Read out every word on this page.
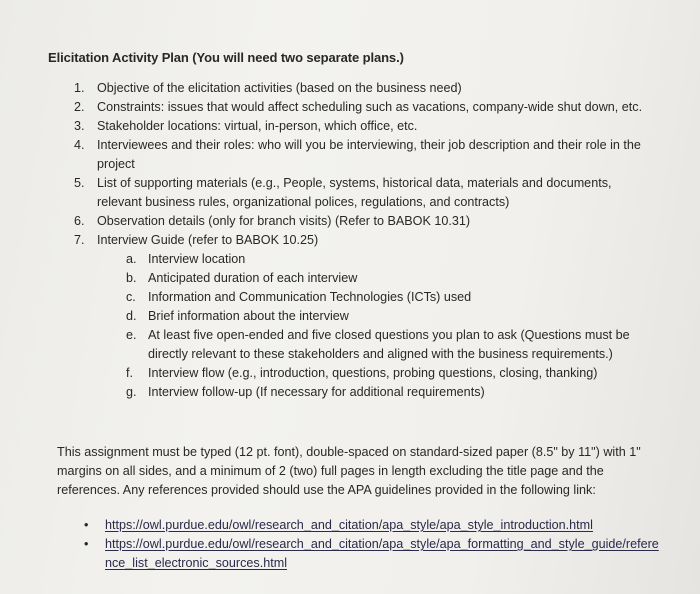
Elicitation Activity Plan (You will need two separate plans.)
1. Objective of the elicitation activities (based on the business need)
2. Constraints: issues that would affect scheduling such as vacations, company-wide shut down, etc.
3. Stakeholder locations: virtual, in-person, which office, etc.
4. Interviewees and their roles: who will you be interviewing, their job description and their role in the project
5. List of supporting materials (e.g., People, systems, historical data, materials and documents, relevant business rules, organizational polices, regulations, and contracts)
6. Observation details (only for branch visits) (Refer to BABOK 10.31)
7. Interview Guide (refer to BABOK 10.25)
a. Interview location
b. Anticipated duration of each interview
c. Information and Communication Technologies (ICTs) used
d. Brief information about the interview
e. At least five open-ended and five closed questions you plan to ask (Questions must be directly relevant to these stakeholders and aligned with the business requirements.)
f. Interview flow (e.g., introduction, questions, probing questions, closing, thanking)
g. Interview follow-up (If necessary for additional requirements)
This assignment must be typed (12 pt. font), double-spaced on standard-sized paper (8.5" by 11") with 1" margins on all sides, and a minimum of 2 (two) full pages in length excluding the title page and the references. Any references provided should use the APA guidelines provided in the following link:
• https://owl.purdue.edu/owl/research_and_citation/apa_style/apa_style_introduction.html
• https://owl.purdue.edu/owl/research_and_citation/apa_style/apa_formatting_and_style_guide/reference_list_electronic_sources.html
